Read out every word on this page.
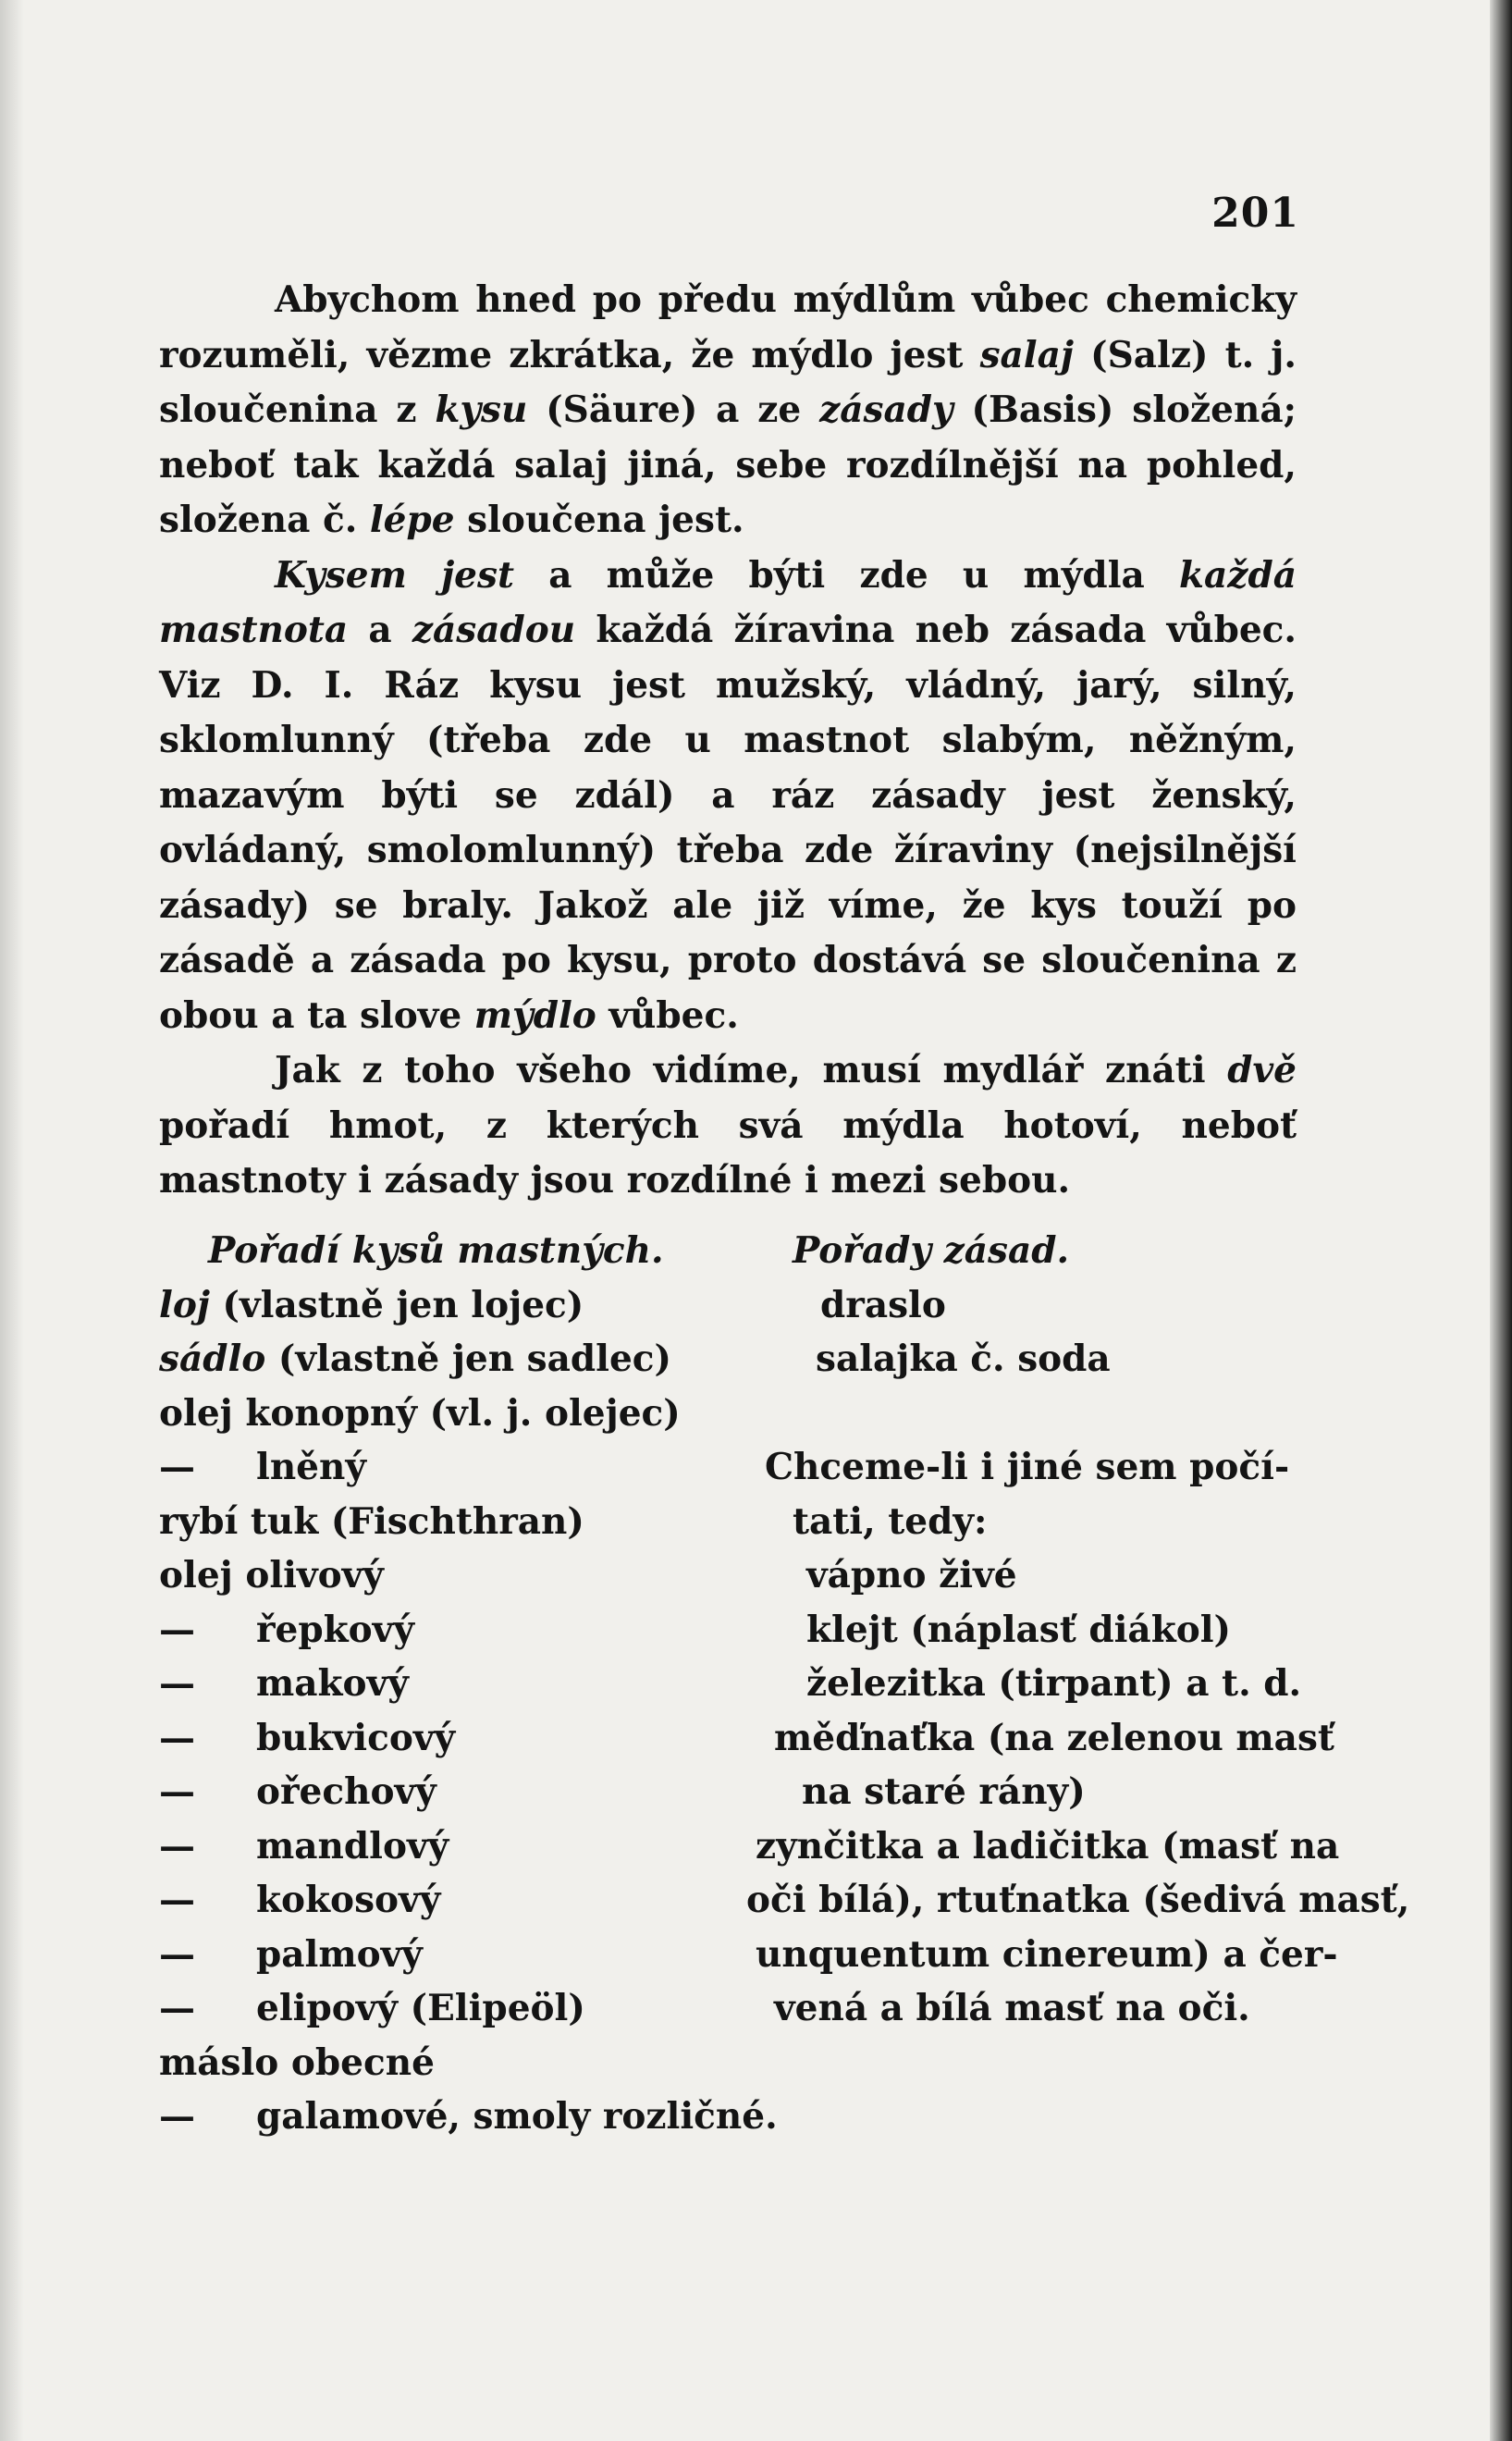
201

Abychom hned po předu mýdlům vůbec chemicky rozuměli, vězme zkrátka, že mýdlo jest salaj (Salz) t. j. sloučenina z kysu (Säure) a ze zásady (Basis) složená; neboť tak každá salaj jiná, sebe rozdílnější na pohled, složena č. lépe sloučena jest.

Kysem jest a může býti zde u mýdla každá mastnota a zásadou každá žíravina neb zásada vůbec. Viz D. I. Ráz kysu jest mužský, vládný, jarý, silný, sklomlunný (třeba zde u mastnot slabým, něžným, mazavým býti se zdál) a ráz zásady jest ženský, ovládaný, smolomlunný) třeba zde žíraviny (nejsilnější zásady) se braly. Jakož ale již víme, že kys touží po zásadě a zásada po kysu, proto dostává se sloučenina z obou a ta slove mýdlo vůbec.

Jak z toho všeho vidíme, musí mydlář znáti dvě pořadí hmot, z kterých svá mýdla hotoví, neboť mastnoty i zásady jsou rozdílné i mezi sebou.

Pořadí kysů mastných.
loj (vlastně jen lojec)
sádlo (vlastně jen sadlec)
olej konopný (vl. j. olejec)
— lněný
rybí tuk (Fischthran)
olej olivový
— řepkový
— makový
— bukvicový
— ořechový
— mandlový
— kokosový
— palmový
— elipový (Elipeöl)
máslo obecné
— galamové, smoly rozličné.
Pořady zásad.
draslo
salajka č. soda
Chceme-li i jiné sem počí-
tati, tedy:
vápno živé
klejt (náplasť diákol)
železitka (tirpant) a t. d.
měďnaťka (na zelenou masť
na staré rány)
zynčitka a ladičitka (masť na
oči bílá), rtuťnatka (šedivá masť,
unquentum cinereum) a čer-
vená a bílá masť na oči.
